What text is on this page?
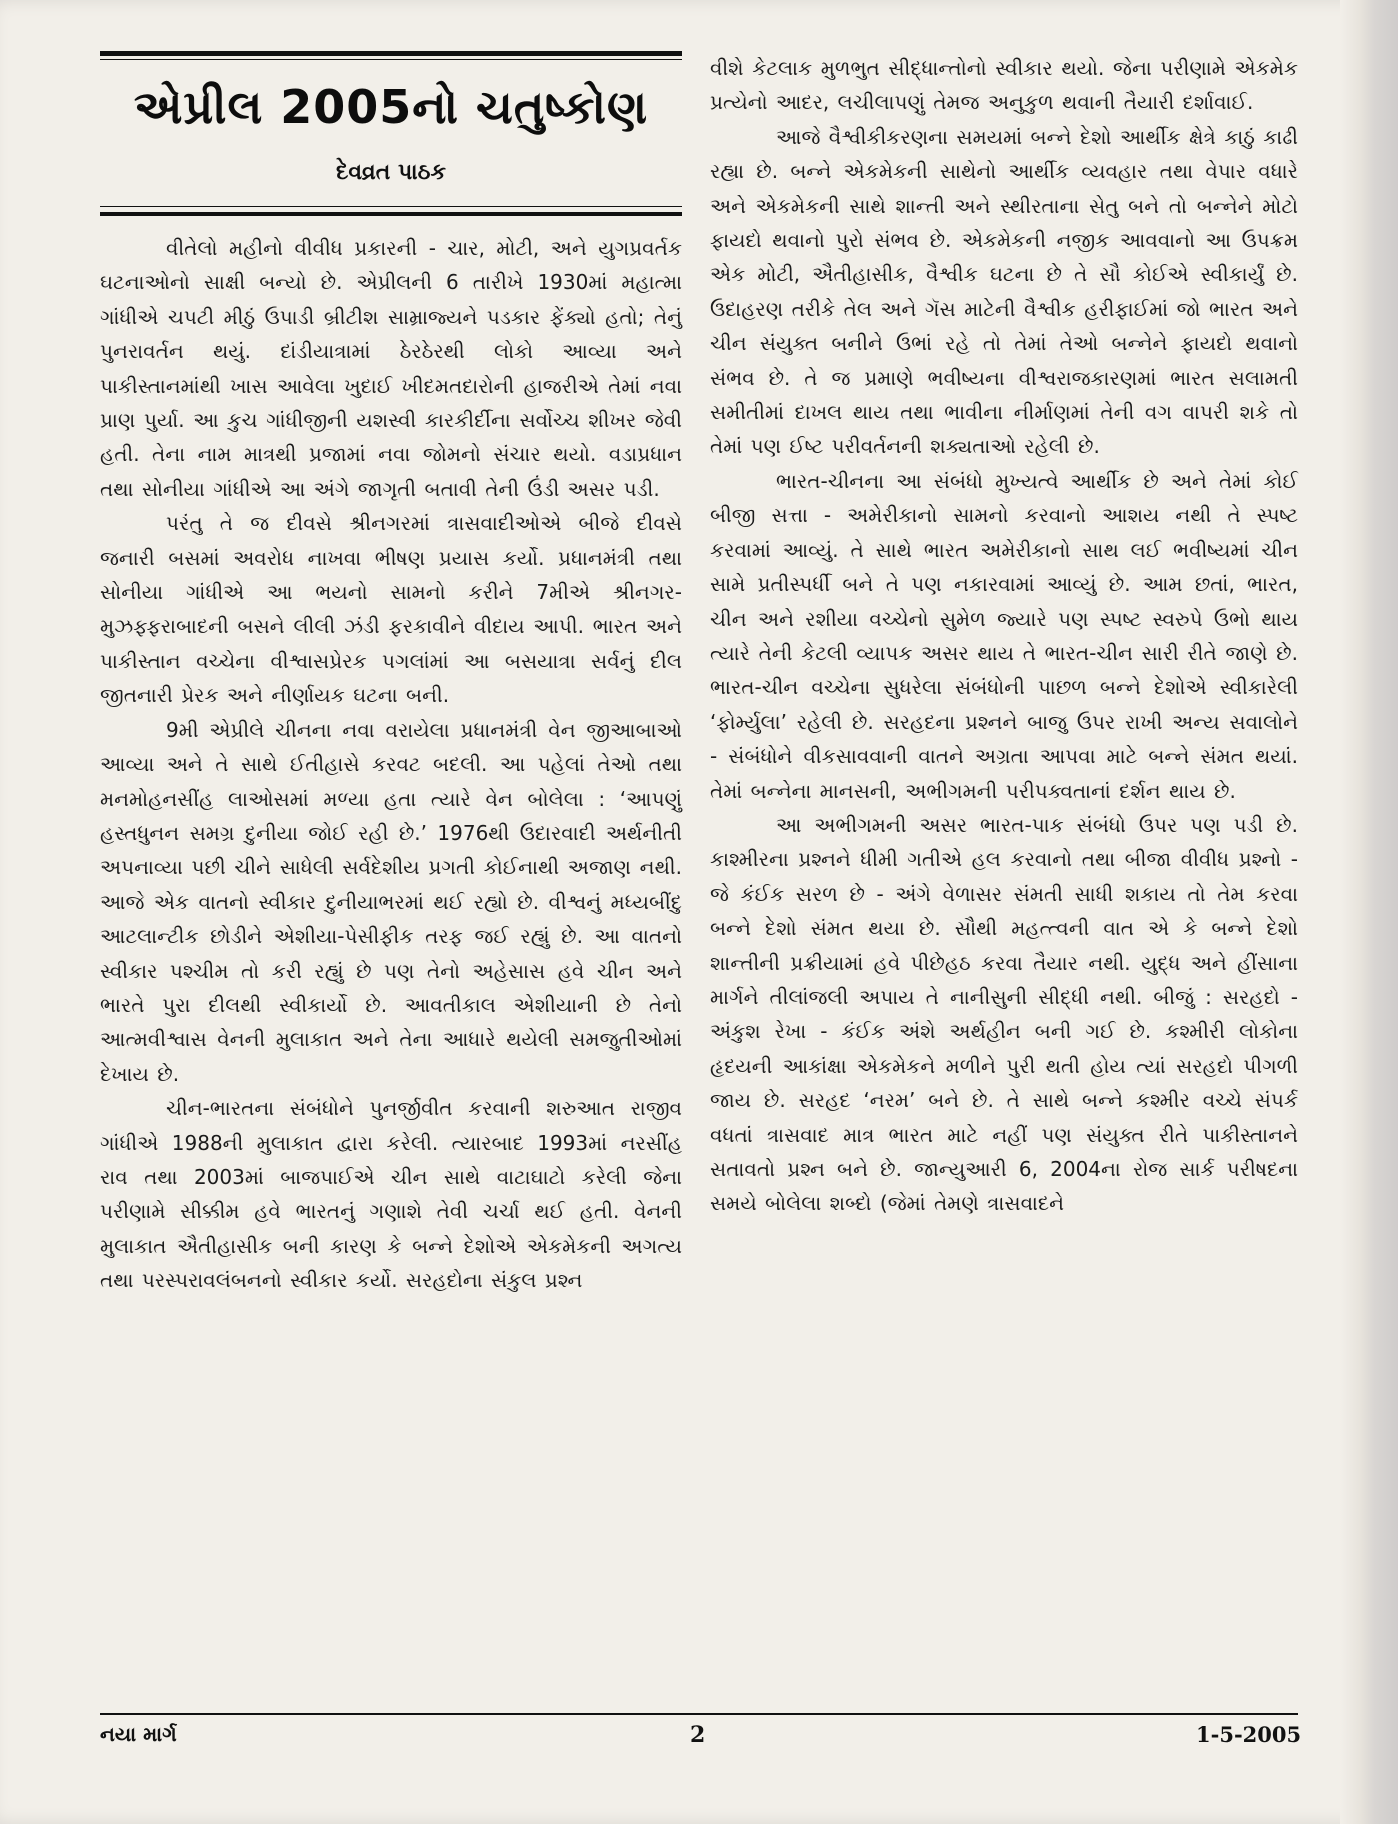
એપ્રીલ 2005નો ચતુષ્કોણ
દેવવ્રત પાઠક

વીતેલો મહીનો વીવીધ પ્રકારની - ચાર, મોટી, અને યુગપ્રવર્તક ઘટનાઓનો સાક્ષી બન્યો છે. એપ્રીલની 6 તારીખે 1930માં મહાત્મા ગાંધીએ ચપટી મીઠું ઉપાડી બ્રીટીશ સામ્રાજ્યને પડકાર ફેંક્યો હતો; તેનું પુનરાવર્તન થયું. દાંડીયાત્રામાં ઠેરઠેરથી લોકો આવ્યા અને પાકીસ્તાનમાંથી ખાસ આવેલા ખુદાઈ ખીદમતદારોની હાજરીએ તેમાં નવા પ્રાણ પુર્યા. આ કુચ ગાંધીજીની યશસ્વી કારકીર્દીના સર્વોચ્ચ શીખર જેવી હતી. તેના નામ માત્રથી પ્રજામાં નવા જોમનો સંચાર થયો. વડાપ્રધાન તથા સોનીયા ગાંધીએ આ અંગે જાગૃતી બતાવી તેની ઉંડી અસર પડી.

પરંતુ તે જ દીવસે શ્રીનગરમાં ત્રાસવાદીઓએ બીજે દીવસે જનારી બસમાં અવરોધ નાખવા ભીષણ પ્રયાસ કર્યો. પ્રધાનમંત્રી તથા સોનીયા ગાંધીએ આ ભયનો સામનો કરીને 7મીએ શ્રીનગર-મુઝફ્ફરાબાદની બસને લીલી ઝંડી ફરકાવીને વીદાય આપી. ભારત અને પાકીસ્તાન વચ્ચેના વીશ્વાસપ્રેરક પગલાંમાં આ બસયાત્રા સર્વનું દીલ જીતનારી પ્રેરક અને નીર્ણાયક ઘટના બની.

9મી એપ્રીલે ચીનના નવા વરાયેલા પ્રધાનમંત્રી વેન જીઆબાઓ આવ્યા અને તે સાથે ઈતીહાસે કરવટ બદલી. આ પહેલાં તેઓ તથા મનમોહનસીંહ લાઓસમાં મળ્યા હતા ત્યારે વેન બોલેલા : ‘આપણું હસ્તધુનન સમગ્ર દુનીયા જોઈ રહી છે.’ 1976થી ઉદારવાદી અર્થનીતી અપનાવ્યા પછી ચીને સાધેલી સર્વદેશીય પ્રગતી કોઈનાથી અજાણ નથી. આજે એક વાતનો સ્વીકાર દુનીયાભરમાં થઈ રહ્યો છે. વીશ્વનું મધ્યબીંદુ આટલાન્ટીક છોડીને એશીયા-પેસીફીક તરફ જઈ રહ્યું છે. આ વાતનો સ્વીકાર પશ્ચીમ તો કરી રહ્યું છે પણ તેનો અહેસાસ હવે ચીન અને ભારતે પુરા દીલથી સ્વીકાર્યો છે. આવતીકાલ એશીયાની છે તેનો આત્મવીશ્વાસ વેનની મુલાકાત અને તેના આધારે થયેલી સમજુતીઓમાં દેખાય છે.

ચીન-ભારતના સંબંધોને પુનર્જીવીત કરવાની શરુઆત રાજીવ ગાંધીએ 1988ની મુલાકાત દ્વારા કરેલી. ત્યારબાદ 1993માં નરસીંહ રાવ તથા 2003માં બાજપાઈએ ચીન સાથે વાટાઘાટો કરેલી જેના પરીણામે સીક્કીમ હવે ભારતનું ગણાશે તેવી ચર્ચા થઈ હતી. વેનની મુલાકાત ઐતીહાસીક બની કારણ કે બન્ને દેશોએ એકમેકની અગત્ય તથા પરસ્પરાવલંબનનો સ્વીકાર કર્યો. સરહદોના સંકુલ પ્રશ્ન

વીશે કેટલાક મુળભુત સીદ્ધાન્તોનો સ્વીકાર થયો. જેના પરીણામે એકમેક પ્રત્યેનો આદર, લચીલાપણું તેમજ અનુકુળ થવાની તૈયારી દર્શાવાઈ.

આજે વૈશ્વીકીકરણના સમયમાં બન્ને દેશો આર્થીક ક્ષેત્રે કાઠું કાઢી રહ્યા છે. બન્ને એકમેકની સાથેનો આર્થીક વ્યવહાર તથા વેપાર વધારે અને એકમેકની સાથે શાન્તી અને સ્થીરતાના સેતુ બને તો બન્નેને મોટો ફાયદો થવાનો પુરો સંભવ છે. એકમેકની નજીક આવવાનો આ ઉપક્રમ એક મોટી, ઐતીહાસીક, વૈશ્વીક ઘટના છે તે સૌ કોઈએ સ્વીકાર્યું છે. ઉદાહરણ તરીકે તેલ અને ગૅસ માટેની વૈશ્વીક હરીફાઈમાં જો ભારત અને ચીન સંયુક્ત બનીને ઉભાં રહે તો તેમાં તેઓ બન્નેને ફાયદો થવાનો સંભવ છે. તે જ પ્રમાણે ભવીષ્યના વીશ્વરાજકારણમાં ભારત સલામતી સમીતીમાં દાખલ થાય તથા ભાવીના નીર્માણમાં તેની વગ વાપરી શકે તો તેમાં પણ ઈષ્ટ પરીવર્તનની શક્યતાઓ રહેલી છે.

ભારત-ચીનના આ સંબંધો મુખ્યત્વે આર્થીક છે અને તેમાં કોઈ બીજી સત્તા - અમેરીકાનો સામનો કરવાનો આશય નથી તે સ્પષ્ટ કરવામાં આવ્યું. તે સાથે ભારત અમેરીકાનો સાથ લઈ ભવીષ્યમાં ચીન સામે પ્રતીસ્પર્ધી બને તે પણ નકારવામાં આવ્યું છે. આમ છતાં, ભારત, ચીન અને રશીયા વચ્ચેનો સુમેળ જ્યારે પણ સ્પષ્ટ સ્વરુપે ઉભો થાય ત્યારે તેની કેટલી વ્યાપક અસર થાય તે ભારત-ચીન સારી રીતે જાણે છે. ભારત-ચીન વચ્ચેના સુધરેલા સંબંધોની પાછળ બન્ને દેશોએ સ્વીકારેલી ‘ફોર્મ્યુલા’ રહેલી છે. સરહદના પ્રશ્નને બાજુ ઉપર રાખી અન્ય સવાલોને - સંબંધોને વીકસાવવાની વાતને અગ્રતા આપવા માટે બન્ને સંમત થયાં. તેમાં બન્નેના માનસની, અભીગમની પરીપક્વતાનાં દર્શન થાય છે.

આ અભીગમની અસર ભારત-પાક સંબંધો ઉપર પણ પડી છે. કાશ્મીરના પ્રશ્નને ધીમી ગતીએ હલ કરવાનો તથા બીજા વીવીધ પ્રશ્નો - જે કંઈક સરળ છે - અંગે વેળાસર સંમતી સાધી શકાય તો તેમ કરવા બન્ને દેશો સંમત થયા છે. સૌથી મહત્ત્વની વાત એ કે બન્ને દેશો શાન્તીની પ્રક્રીયામાં હવે પીછેહઠ કરવા તૈયાર નથી. યુદ્ધ અને હીંસાના માર્ગને તીલાંજલી અપાય તે નાનીસુની સીદ્ધી નથી. બીજું : સરહદો - અંકુશ રેખા - કંઈક અંશે અર્થહીન બની ગઈ છે. કશ્મીરી લોકોના હૃદયની આકાંક્ષા એકમેકને મળીને પુરી થતી હોય ત્યાં સરહદો પીગળી જાય છે. સરહદ ‘નરમ’ બને છે. તે સાથે બન્ને કશ્મીર વચ્ચે સંપર્ક વધતાં ત્રાસવાદ માત્ર ભારત માટે નહીં પણ સંયુક્ત રીતે પાકીસ્તાનને સતાવતો પ્રશ્ન બને છે. જાન્યુઆરી 6, 2004ના રોજ સાર્ક પરીષદના સમયે બોલેલા શબ્દો (જેમાં તેમણે ત્રાસવાદને

નયા માર્ગ	2	1-5-2005
